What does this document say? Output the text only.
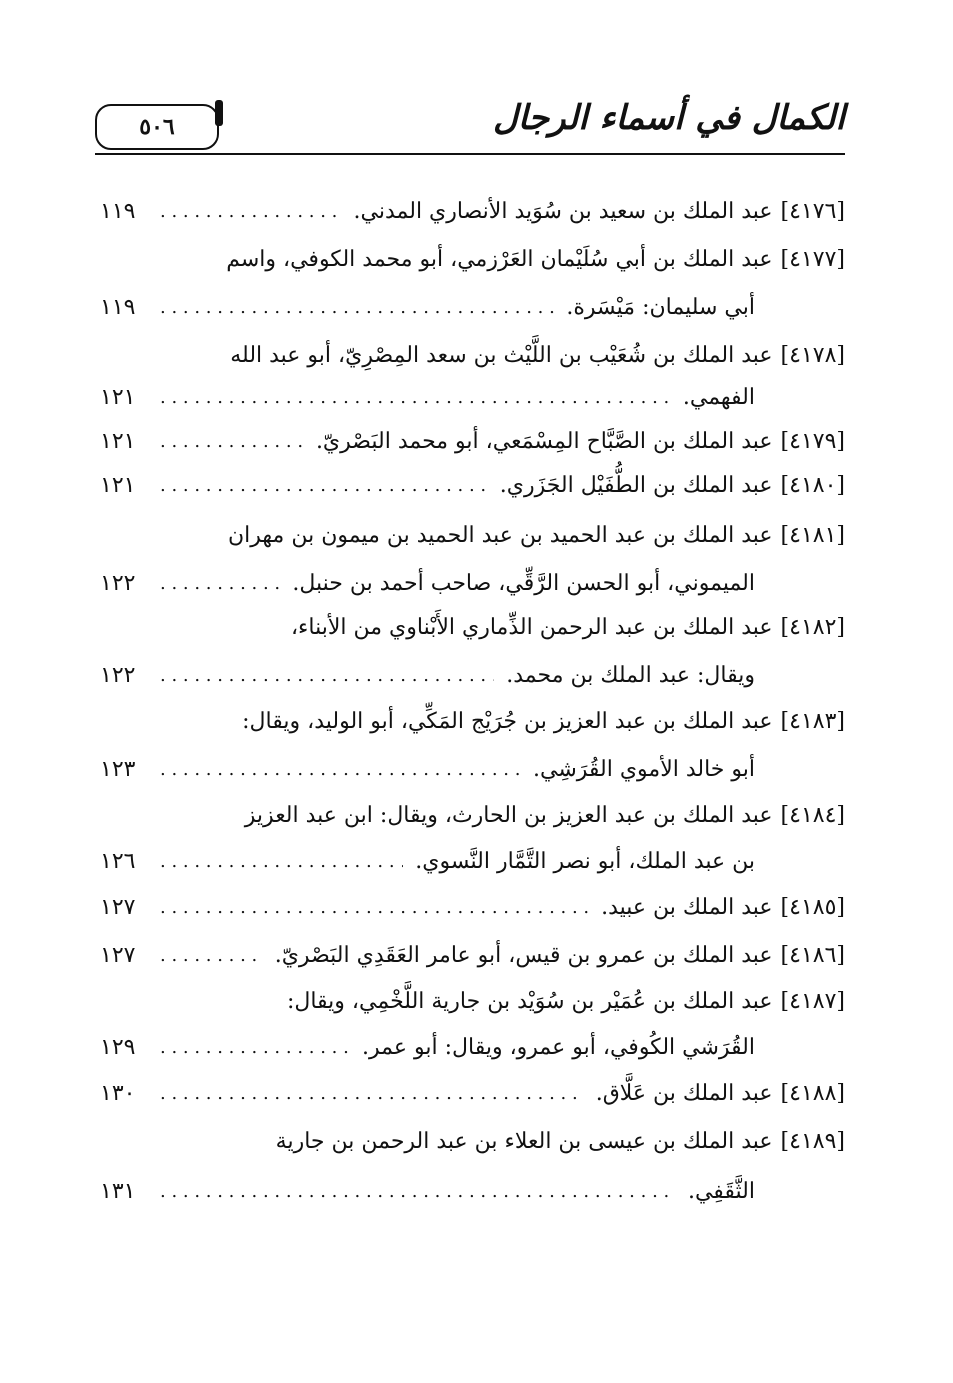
الكمال في أسماء الرجال
٥٠٦
[٤١٧٦]
عبد الملك بن سعيد بن سُوَيد الأنصاري المدني.
. . .
١١٩
[٤١٧٧]
عبد الملك بن أبي سُلَيْمان العَرْزمي، أبو محمد الكوفي، واسم
أبي سليمان: مَيْسَرة.
. . .
١١٩
[٤١٧٨]
عبد الملك بن شُعَيْب بن اللَّيْث بن سعد المِصْرِيّ، أبو عبد الله
الفهمي.
. . .
١٢١
[٤١٧٩]
عبد الملك بن الصَّبَّاح المِسْمَعي، أبو محمد البَصْريّ.
. . .
١٢١
[٤١٨٠]
عبد الملك بن الطُّفَيْل الجَزَري.
. . .
١٢١
[٤١٨١]
عبد الملك بن عبد الحميد بن عبد الحميد بن ميمون بن مهران
الميموني، أبو الحسن الرَّقِّي، صاحب أحمد بن حنبل.
. . .
١٢٢
[٤١٨٢]
عبد الملك بن عبد الرحمن الذِّماري الأَبْناوي من الأبناء،
ويقال: عبد الملك بن محمد.
. . .
١٢٢
[٤١٨٣]
عبد الملك بن عبد العزيز بن جُرَيْج المَكِّي، أبو الوليد، ويقال:
أبو خالد الأموي القُرَشِي.
. . .
١٢٣
[٤١٨٤]
عبد الملك بن عبد العزيز بن الحارث، ويقال: ابن عبد العزيز
بن عبد الملك، أبو نصر التَّمَّار النَّسوي.
. . .
١٢٦
[٤١٨٥]
عبد الملك بن عبيد.
. . .
١٢٧
[٤١٨٦]
عبد الملك بن عمرو بن قيس، أبو عامر العَقَدِي البَصْريّ.
. . .
١٢٧
[٤١٨٧]
عبد الملك بن عُمَيْر بن سُوَيْد بن جارية اللَّخْمِي، ويقال:
القُرَشي الكُوفي، أبو عمرو، ويقال: أبو عمر.
. . .
١٢٩
[٤١٨٨]
عبد الملك بن عَلَّاق.
. . .
١٣٠
[٤١٨٩]
عبد الملك بن عيسى بن العلاء بن عبد الرحمن بن جارية
الثَّقَفِي.
. . .
١٣١
